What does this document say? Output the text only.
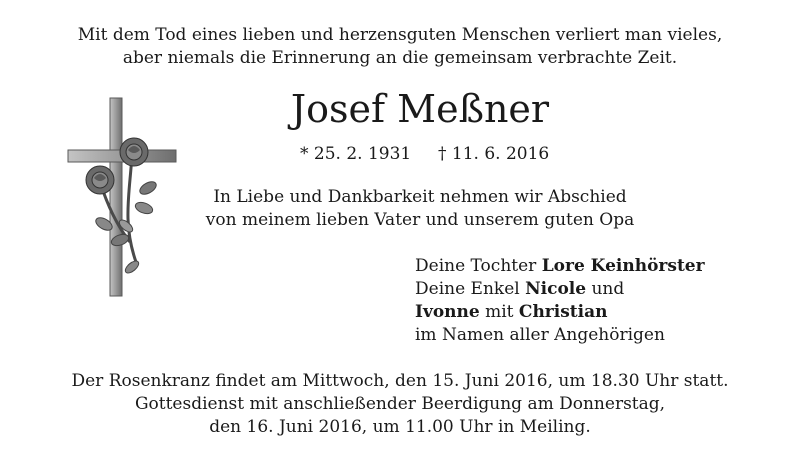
Mit dem Tod eines lieben und herzensguten Menschen verliert man vieles,
aber niemals die Erinnerung an die gemeinsam verbrachte Zeit.
Josef Meßner
* 25. 2. 1931 † 11. 6. 2016
In Liebe und Dankbarkeit nehmen wir Abschied
von meinem lieben Vater und unserem guten Opa
Deine Tochter Lore Keinhörster
Deine Enkel Nicole und
Ivonne mit Christian
im Namen aller Angehörigen
Der Rosenkranz findet am Mittwoch, den 15. Juni 2016, um 18.30 Uhr statt.
Gottesdienst mit anschließender Beerdigung am Donnerstag,
den 16. Juni 2016, um 11.00 Uhr in Meiling.
